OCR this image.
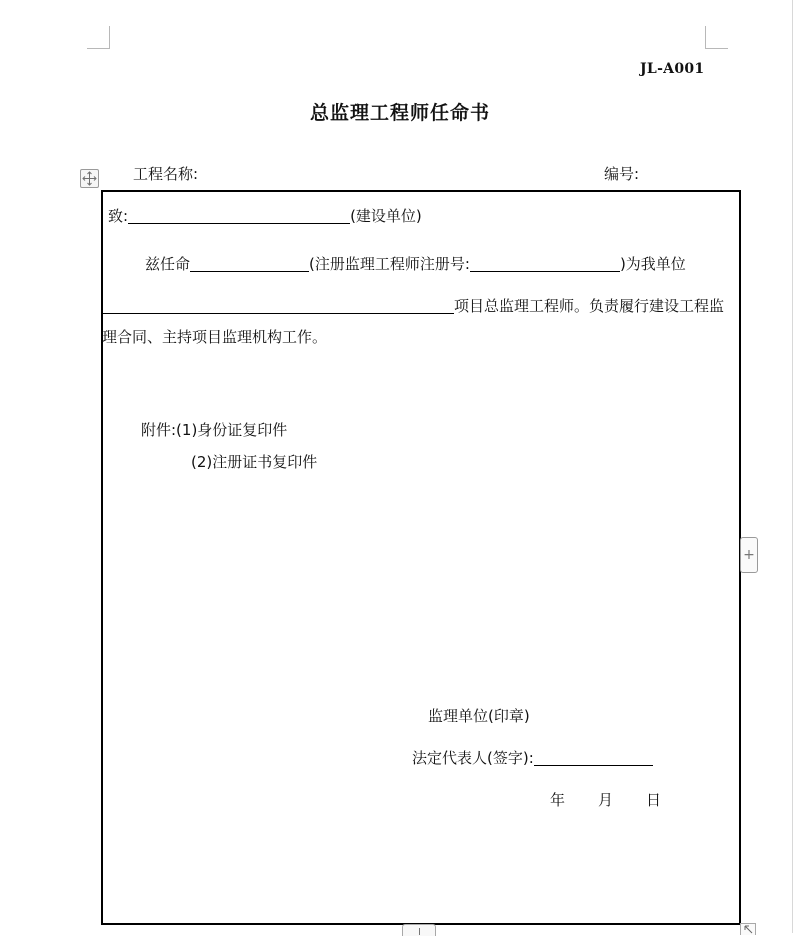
JL-A001
总监理工程师任命书
工程名称:	编号:
致:	(建设单位)
兹任命	(注册监理工程师注册号:	)为我单位
项目总监理工程师。负责履行建设工程监
理合同、主持项目监理机构工作。
附件:(1)身份证复印件
(2)注册证书复印件
监理单位(印章)
法定代表人(签字):
年 月 日
+
